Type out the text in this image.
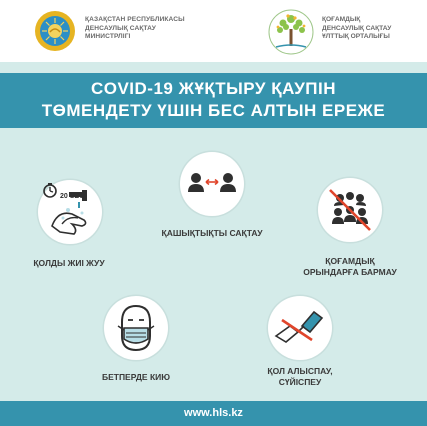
ҚАЗАҚСТАН РЕСПУБЛИКАСЫ
ДЕНСАУЛЫҚ САҚТАУ
МИНИСТРЛІГІ
ҚОҒАМДЫҚ
ДЕНСАУЛЫҚ САҚТАУ
ҰЛТТЫҚ ОРТАЛЫҒЫ
COVID-19 ЖҰҚТЫРУ ҚАУПІН
ТӨМЕНДЕТУ ҮШІН БЕС АЛТЫН ЕРЕЖЕ
20 SEC
ҚОЛДЫ ЖИІ ЖУУ
ҚАШЫҚТЫҚТЫ САҚТАУ
ҚОҒАМДЫҚ
ОРЫНДАРҒА БАРМАУ
БЕТПЕРДЕ КИЮ
ҚОЛ АЛЫСПАУ,
СҮЙІСПЕУ
www.hls.kz
